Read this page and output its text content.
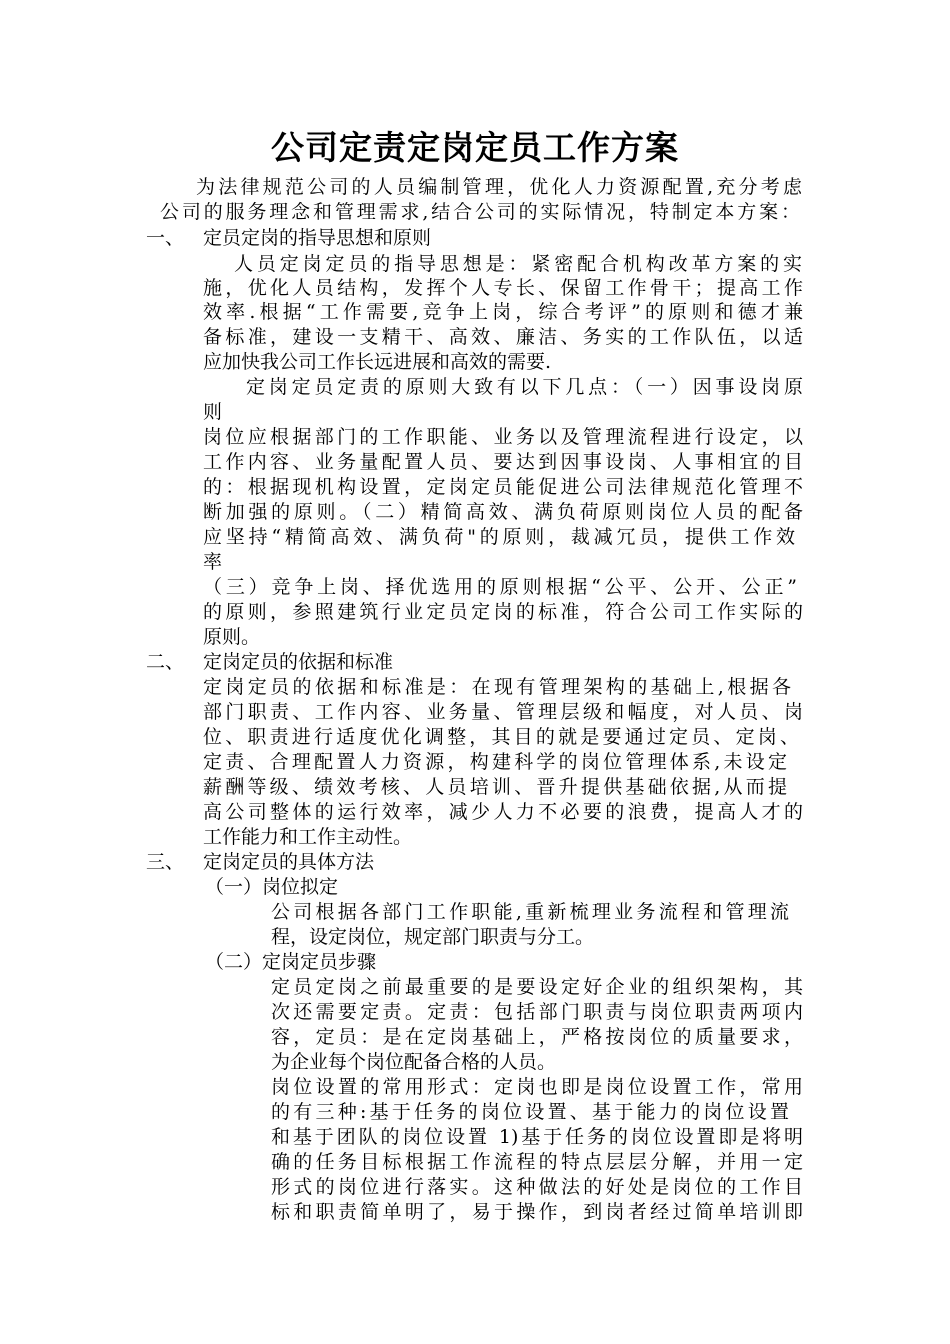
公司定责定岗定员工作方案
为法律规范公司的人员编制管理，优化人力资源配置,充分考虑
公司的服务理念和管理需求,结合公司的实际情况，特制定本方案：
一、 定员定岗的指导思想和原则
人员定岗定员的指导思想是：紧密配合机构改革方案的实
施，优化人员结构，发挥个人专长、保留工作骨干；提高工作
效率.根据“工作需要,竞争上岗，综合考评”的原则和德才兼
备标准，建设一支精干、高效、廉洁、务实的工作队伍，以适
应加快我公司工作长远进展和高效的需要.
定岗定员定责的原则大致有以下几点：（一）因事设岗原
则
岗位应根据部门的工作职能、业务以及管理流程进行设定，以
工作内容、业务量配置人员、要达到因事设岗、人事相宜的目
的：根据现机构设置，定岗定员能促进公司法律规范化管理不
断加强的原则。（二）精简高效、满负荷原则岗位人员的配备
应坚持“精简高效、满负荷"的原则，裁减冗员，提供工作效
率
（三）竞争上岗、择优选用的原则根据“公平、公开、公正”
的原则，参照建筑行业定员定岗的标准，符合公司工作实际的
原则。
二、 定岗定员的依据和标准
定岗定员的依据和标准是：在现有管理架构的基础上,根据各
部门职责、工作内容、业务量、管理层级和幅度，对人员、岗
位、职责进行适度优化调整，其目的就是要通过定员、定岗、
定责、合理配置人力资源，构建科学的岗位管理体系,未设定
薪酬等级、绩效考核、人员培训、晋升提供基础依据,从而提
高公司整体的运行效率，减少人力不必要的浪费，提高人才的
工作能力和工作主动性。
三、 定岗定员的具体方法
（一）岗位拟定
公司根据各部门工作职能,重新梳理业务流程和管理流
程，设定岗位，规定部门职责与分工。
（二）定岗定员步骤
定员定岗之前最重要的是要设定好企业的组织架构，其
次还需要定责。定责：包括部门职责与岗位职责两项内
容，定员：是在定岗基础上，严格按岗位的质量要求，
为企业每个岗位配备合格的人员。
岗位设置的常用形式：定岗也即是岗位设置工作，常用
的有三种:基于任务的岗位设置、基于能力的岗位设置
和基于团队的岗位设置 1)基于任务的岗位设置即是将明
确的任务目标根据工作流程的特点层层分解，并用一定
形式的岗位进行落实。这种做法的好处是岗位的工作目
标和职责简单明了，易于操作，到岗者经过简单培训即
